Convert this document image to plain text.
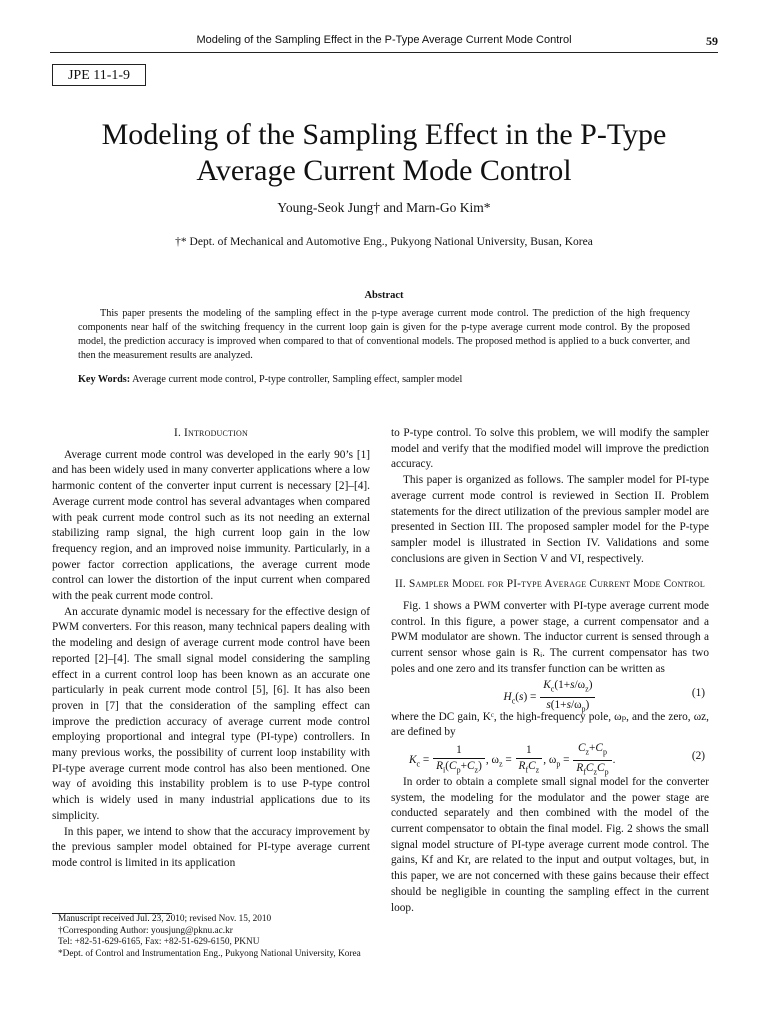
Modeling of the Sampling Effect in the P-Type Average Current Mode Control	59
JPE 11-1-9
Modeling of the Sampling Effect in the P-Type
Average Current Mode Control
Young-Seok Jung† and Marn-Go Kim*
†* Dept. of Mechanical and Automotive Eng., Pukyong National University, Busan, Korea
Abstract
This paper presents the modeling of the sampling effect in the p-type average current mode control. The prediction of the high frequency components near half of the switching frequency in the current loop gain is given for the p-type average current mode control. By the proposed model, the prediction accuracy is improved when compared to that of conventional models. The proposed method is applied to a buck converter, and then the measurement results are analyzed.
Key Words: Average current mode control, P-type controller, Sampling effect, sampler model
I. Introduction

Average current mode control was developed in the early 90’s [1] and has been widely used in many converter applications where a low harmonic content of the converter input current is necessary [2]–[4]. Average current mode control has several advantages when compared with peak current mode control such as its not needing an external stabilizing ramp signal, the high current loop gain in the low frequency region, and an improved noise immunity. Particularly, in a power factor correction applications, the average current mode control can lower the distortion of the input current when compared with the peak current mode control.

An accurate dynamic model is necessary for the effective design of PWM converters. For this reason, many technical papers dealing with the modeling and design of average current mode control have been reported [2]–[4]. The small signal model considering the sampling effect in a current control loop has been known as an accurate one particularly in peak current mode control [5], [6]. It has also been proven in [7] that the consideration of the sampling effect can improve the prediction accuracy of average current mode control employing proportional and integral type (PI-type) controllers. In many previous works, the possibility of current loop instability with PI-type average current mode control has also been mentioned. One way of avoiding this instability problem is to use P-type control which is widely used in many industrial applications due to its simplicity.

In this paper, we intend to show that the accuracy improvement by the previous sampler model obtained for PI-type average current mode control is limited in its application

Manuscript received Jul. 23, 2010; revised Nov. 15, 2010
†Corresponding Author: yousjung@pknu.ac.kr
Tel: +82-51-629-6165, Fax: +82-51-629-6150, PKNU
*Dept. of Control and Instrumentation Eng., Pukyong National University, Korea

to P-type control. To solve this problem, we will modify the sampler model and verify that the modified model will improve the prediction accuracy.

This paper is organized as follows. The sampler model for PI-type average current mode control is reviewed in Section II. Problem statements for the direct utilization of the previous sampler model are presented in Section III. The proposed sampler model for the P-type sampler model is illustrated in Section IV. Validations and some conclusions are given in Section V and VI, respectively.

II. Sampler Model for PI-type Average Current Mode Control

Fig. 1 shows a PWM converter with PI-type average current mode control. In this figure, a power stage, a current compensator and a PWM modulator are shown. The inductor current is sensed through a current sensor whose gain is Rᵢ. The current compensator has two poles and one zero and its transfer function can be written as

$H_c(s) = \frac{K_c(1+s/\omega_z)}{s(1+s/\omega_p)}$	(1)

where the DC gain, Kᶜ, the high-frequency pole, ωₚ, and the zero, ωz, are defined by

$K_c = \frac{1}{R_i(C_p+C_z)}$ , $\omega_z = \frac{1}{R_fC_z}$ , $\omega_p = \frac{C_z+C_p}{R_fC_zC_p}$ .	(2)

In order to obtain a complete small signal model for the converter system, the modeling for the modulator and the power stage are conducted separately and then combined with the model of the current compensator to obtain the final model. Fig. 2 shows the small signal model structure of PI-type average current mode control. The gains, Kf and Kr, are related to the input and output voltages, but, in this paper, we are not concerned with these gains because their effect should be negligible in counting the sampling effect in the current loop.
